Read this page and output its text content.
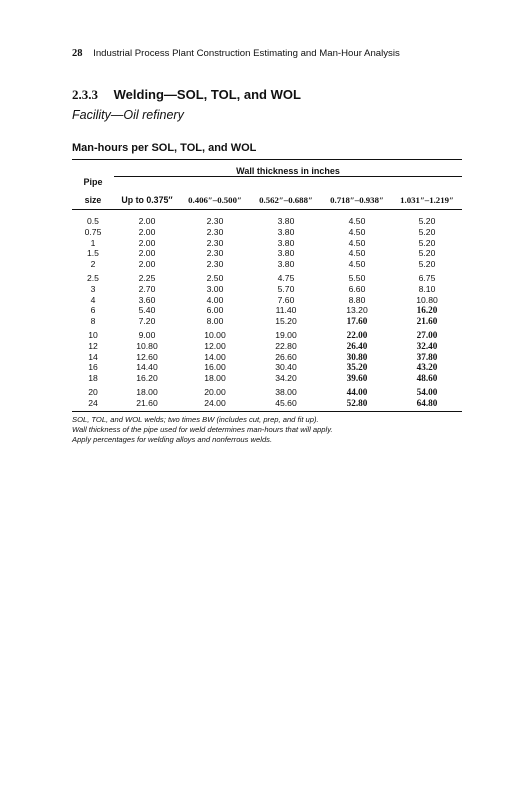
28 Industrial Process Plant Construction Estimating and Man-Hour Analysis
2.3.3 Welding—SOL, TOL, and WOL
Facility—Oil refinery
Man-hours per SOL, TOL, and WOL
	Wall thickness in inches				
Pipe					
size	Up to 0.375″	0.406″–0.500″	0.562″–0.688″	0.718″–0.938″	1.031″–1.219″
0.5	2.00	2.30	3.80	4.50	5.20
0.75	2.00	2.30	3.80	4.50	5.20
1	2.00	2.30	3.80	4.50	5.20
1.5	2.00	2.30	3.80	4.50	5.20
2	2.00	2.30	3.80	4.50	5.20
2.5	2.25	2.50	4.75	5.50	6.75
3	2.70	3.00	5.70	6.60	8.10
4	3.60	4.00	7.60	8.80	10.80
6	5.40	6.00	11.40	13.20	16.20
8	7.20	8.00	15.20	17.60	21.60
10	9.00	10.00	19.00	22.00	27.00
12	10.80	12.00	22.80	26.40	32.40
14	12.60	14.00	26.60	30.80	37.80
16	14.40	16.00	30.40	35.20	43.20
18	16.20	18.00	34.20	39.60	48.60
20	18.00	20.00	38.00	44.00	54.00
24	21.60	24.00	45.60	52.80	64.80
SOL, TOL, and WOL welds; two times BW (includes cut, prep, and fit up).
Wall thickness of the pipe used for weld determines man-hours that will apply.
Apply percentages for welding alloys and nonferrous welds.
